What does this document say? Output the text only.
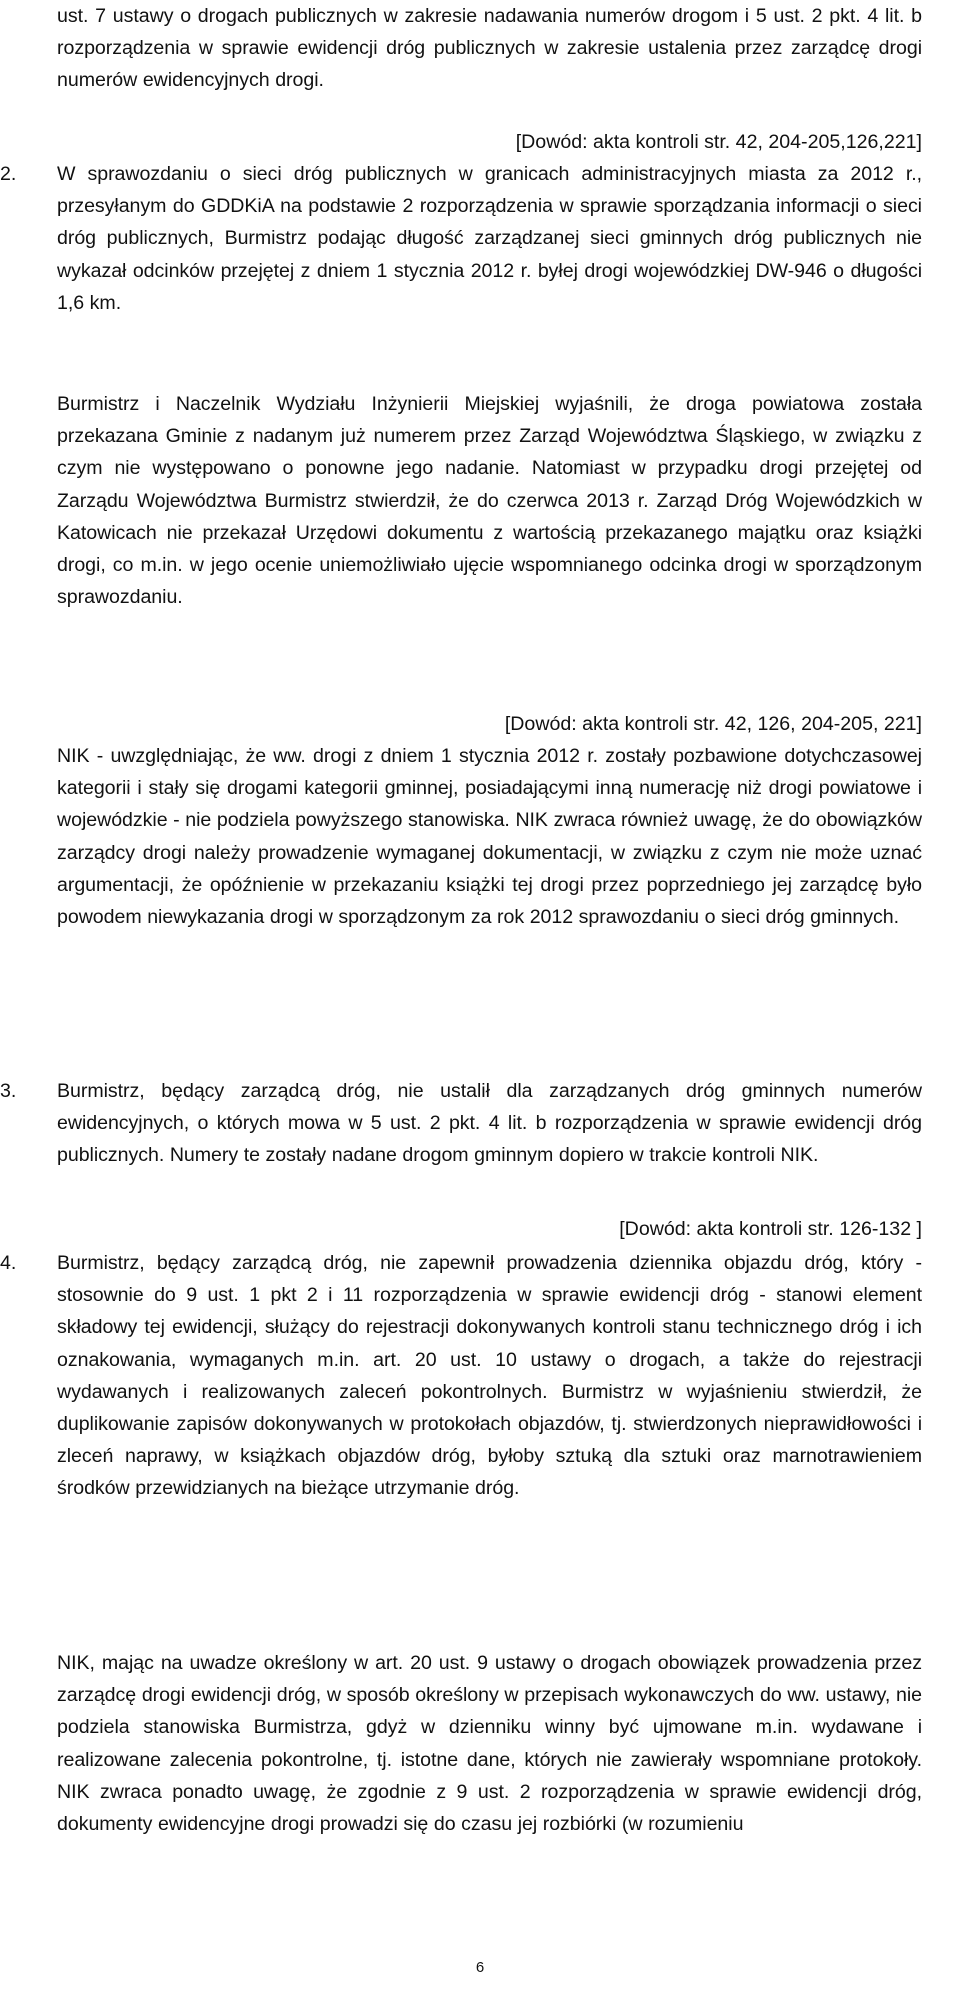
ust. 7 ustawy o drogach publicznych w zakresie nadawania numerów drogom i 5 ust. 2 pkt. 4 lit. b rozporządzenia w sprawie ewidencji dróg publicznych w zakresie ustalenia przez zarządcę drogi numerów ewidencyjnych drogi.
[Dowód: akta kontroli str. 42, 204-205,126,221]
2.	W sprawozdaniu o sieci dróg publicznych w granicach administracyjnych miasta za 2012 r., przesyłanym do GDDKiA na podstawie 2 rozporządzenia w sprawie sporządzania informacji o sieci dróg publicznych, Burmistrz podając długość zarządzanej sieci gminnych dróg publicznych nie wykazał odcinków przejętej z dniem 1 stycznia 2012 r. byłej drogi wojewódzkiej DW-946 o długości 1,6 km.
Burmistrz i Naczelnik Wydziału Inżynierii Miejskiej wyjaśnili, że droga powiatowa została przekazana Gminie z nadanym już numerem przez Zarząd Województwa Śląskiego, w związku z czym nie występowano o ponowne jego nadanie. Natomiast w przypadku drogi przejętej od Zarządu Województwa Burmistrz stwierdził, że do czerwca 2013 r. Zarząd Dróg Wojewódzkich w Katowicach nie przekazał Urzędowi dokumentu z wartością przekazanego majątku oraz książki drogi, co m.in. w jego ocenie uniemożliwiało ujęcie wspomnianego odcinka drogi w sporządzonym sprawozdaniu.
[Dowód: akta kontroli str. 42, 126, 204-205, 221]
NIK - uwzględniając, że ww. drogi z dniem 1 stycznia 2012 r. zostały pozbawione dotychczasowej kategorii i stały się drogami kategorii gminnej, posiadającymi inną numerację niż drogi powiatowe i wojewódzkie - nie podziela powyższego stanowiska. NIK zwraca również uwagę, że do obowiązków zarządcy drogi należy prowadzenie wymaganej dokumentacji, w związku z czym nie może uznać argumentacji, że opóźnienie w przekazaniu książki tej drogi przez poprzedniego jej zarządcę było powodem niewykazania drogi w sporządzonym za rok 2012 sprawozdaniu o sieci dróg gminnych.
3.	Burmistrz, będący zarządcą dróg, nie ustalił dla zarządzanych dróg gminnych numerów ewidencyjnych, o których mowa w 5 ust. 2 pkt. 4 lit. b rozporządzenia w sprawie ewidencji dróg publicznych. Numery te zostały nadane drogom gminnym dopiero w trakcie kontroli NIK.
[Dowód: akta kontroli str. 126-132 ]
4.	Burmistrz, będący zarządcą dróg, nie zapewnił prowadzenia dziennika objazdu dróg, który - stosownie do 9 ust. 1 pkt 2 i 11 rozporządzenia w sprawie ewidencji dróg - stanowi element składowy tej ewidencji, służący do rejestracji dokonywanych kontroli stanu technicznego dróg i ich oznakowania, wymaganych m.in. art. 20 ust. 10 ustawy o drogach, a także do rejestracji wydawanych i realizowanych zaleceń pokontrolnych. Burmistrz w wyjaśnieniu stwierdził, że duplikowanie zapisów dokonywanych w protokołach objazdów, tj. stwierdzonych nieprawidłowości i zleceń naprawy, w książkach objazdów dróg, byłoby sztuką dla sztuki oraz marnotrawieniem środków przewidzianych na bieżące utrzymanie dróg.
NIK, mając na uwadze określony w art. 20 ust. 9 ustawy o drogach obowiązek prowadzenia przez zarządcę drogi ewidencji dróg, w sposób określony w przepisach wykonawczych do ww. ustawy, nie podziela stanowiska Burmistrza, gdyż w dzienniku winny być ujmowane m.in. wydawane i realizowane zalecenia pokontrolne, tj. istotne dane, których nie zawierały wspomniane protokoły. NIK zwraca ponadto uwagę, że zgodnie z 9 ust. 2 rozporządzenia w sprawie ewidencji dróg, dokumenty ewidencyjne drogi prowadzi się do czasu jej rozbiórki (w rozumieniu
6
